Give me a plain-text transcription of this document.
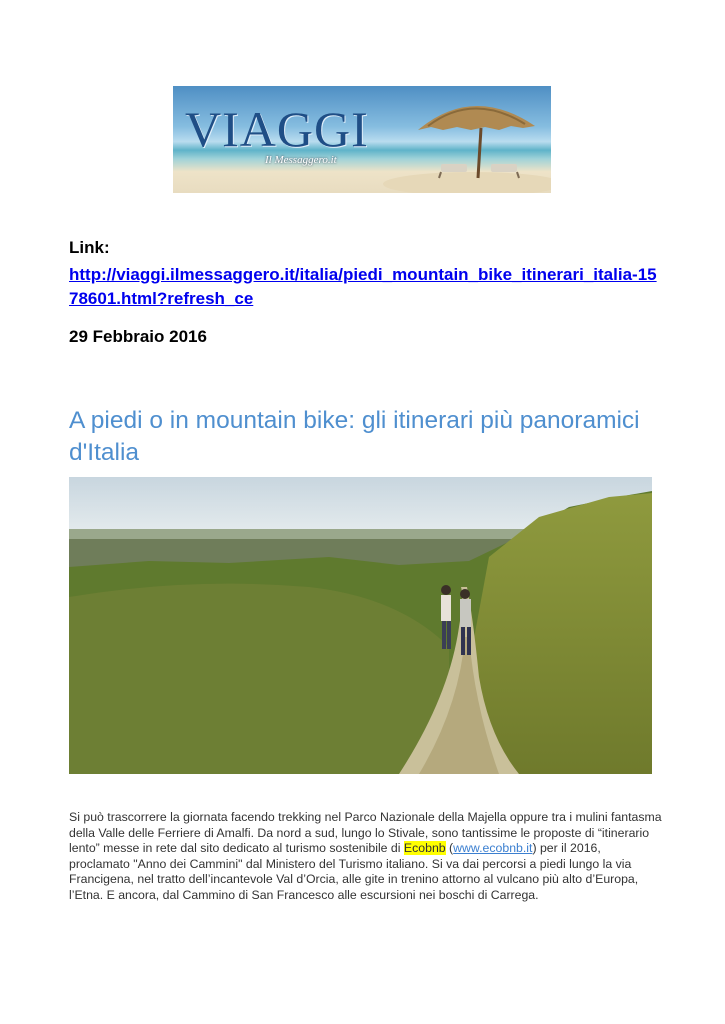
VIAGGI
Il Messaggero.it
Link:
http://viaggi.ilmessaggero.it/italia/piedi_mountain_bike_itinerari_italia-1578601.html?refresh_ce
29 Febbraio 2016
A piedi o in mountain bike: gli itinerari più panoramici d'Italia
Si può trascorrere la giornata facendo trekking nel Parco Nazionale della Majella oppure tra i mulini fantasma della Valle delle Ferriere di Amalfi. Da nord a sud, lungo lo Stivale, sono tantissime le proposte di “itinerario lento” messe in rete dal sito dedicato al turismo sostenibile di Ecobnb (www.ecobnb.it) per il 2016, proclamato "Anno dei Cammini" dal Ministero del Turismo italiano. Si va dai percorsi a piedi lungo la via Francigena, nel tratto dell’incantevole Val d’Orcia, alle gite in trenino attorno al vulcano più alto d’Europa, l’Etna. E ancora, dal Cammino di San Francesco alle escursioni nei boschi di Carrega.
